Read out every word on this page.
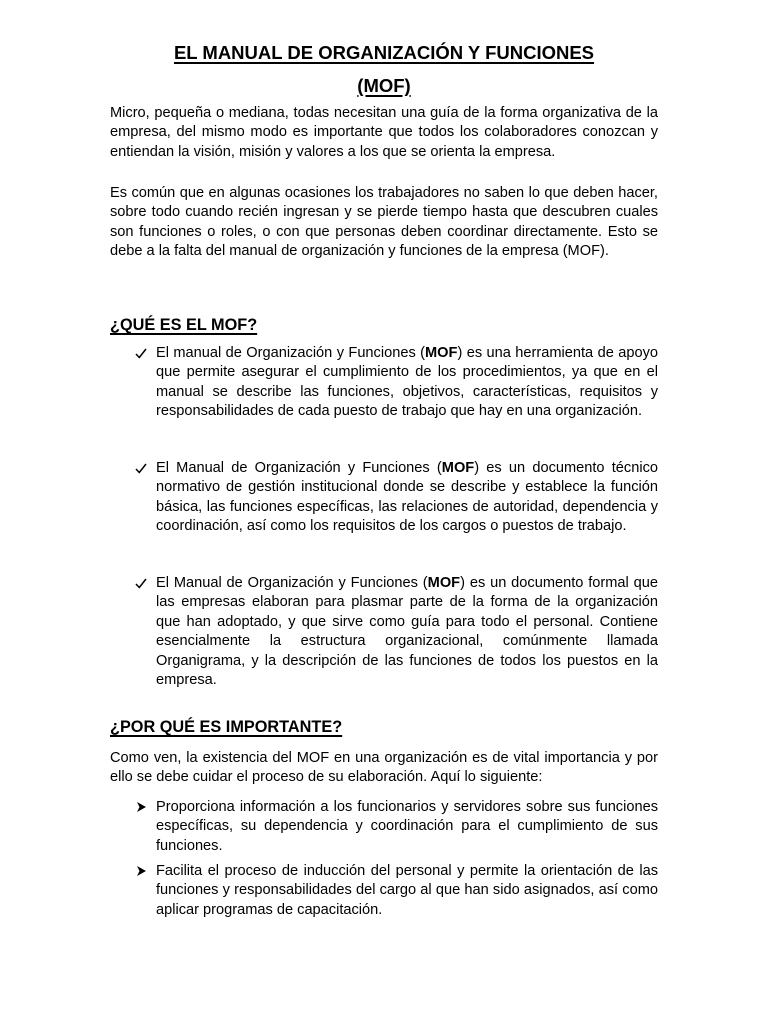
EL MANUAL DE ORGANIZACIÓN Y FUNCIONES
(MOF)

Micro, pequeña o mediana, todas necesitan una guía de la forma organizativa de la empresa, del mismo modo es importante que todos los colaboradores conozcan y entiendan la visión, misión y valores a los que se orienta la empresa.

Es común que en algunas ocasiones los trabajadores no saben lo que deben hacer, sobre todo cuando recién ingresan y se pierde tiempo hasta que descubren cuales son funciones o roles, o con que personas deben coordinar directamente. Esto se debe a la falta del manual de organización y funciones de la empresa (MOF).

¿QUÉ ES EL MOF?

El manual de Organización y Funciones (MOF) es una herramienta de apoyo que permite asegurar el cumplimiento de los procedimientos, ya que en el manual se describe las funciones, objetivos, características, requisitos y responsabilidades de cada puesto de trabajo que hay en una organización.

El Manual de Organización y Funciones (MOF) es un documento técnico normativo de gestión institucional donde se describe y establece la función básica, las funciones específicas, las relaciones de autoridad, dependencia y coordinación, así como los requisitos de los cargos o puestos de trabajo.

El Manual de Organización y Funciones (MOF) es un documento formal que las empresas elaboran para plasmar parte de la forma de la organización que han adoptado, y que sirve como guía para todo el personal. Contiene esencialmente la estructura organizacional, comúnmente llamada Organigrama, y la descripción de las funciones de todos los puestos en la empresa.

¿POR QUÉ ES IMPORTANTE?

Como ven, la existencia del MOF en una organización es de vital importancia y por ello se debe cuidar el proceso de su elaboración. Aquí lo siguiente:

Proporciona información a los funcionarios y servidores sobre sus funciones específicas, su dependencia y coordinación para el cumplimiento de sus funciones.

Facilita el proceso de inducción del personal y permite la orientación de las funciones y responsabilidades del cargo al que han sido asignados, así como aplicar programas de capacitación.
